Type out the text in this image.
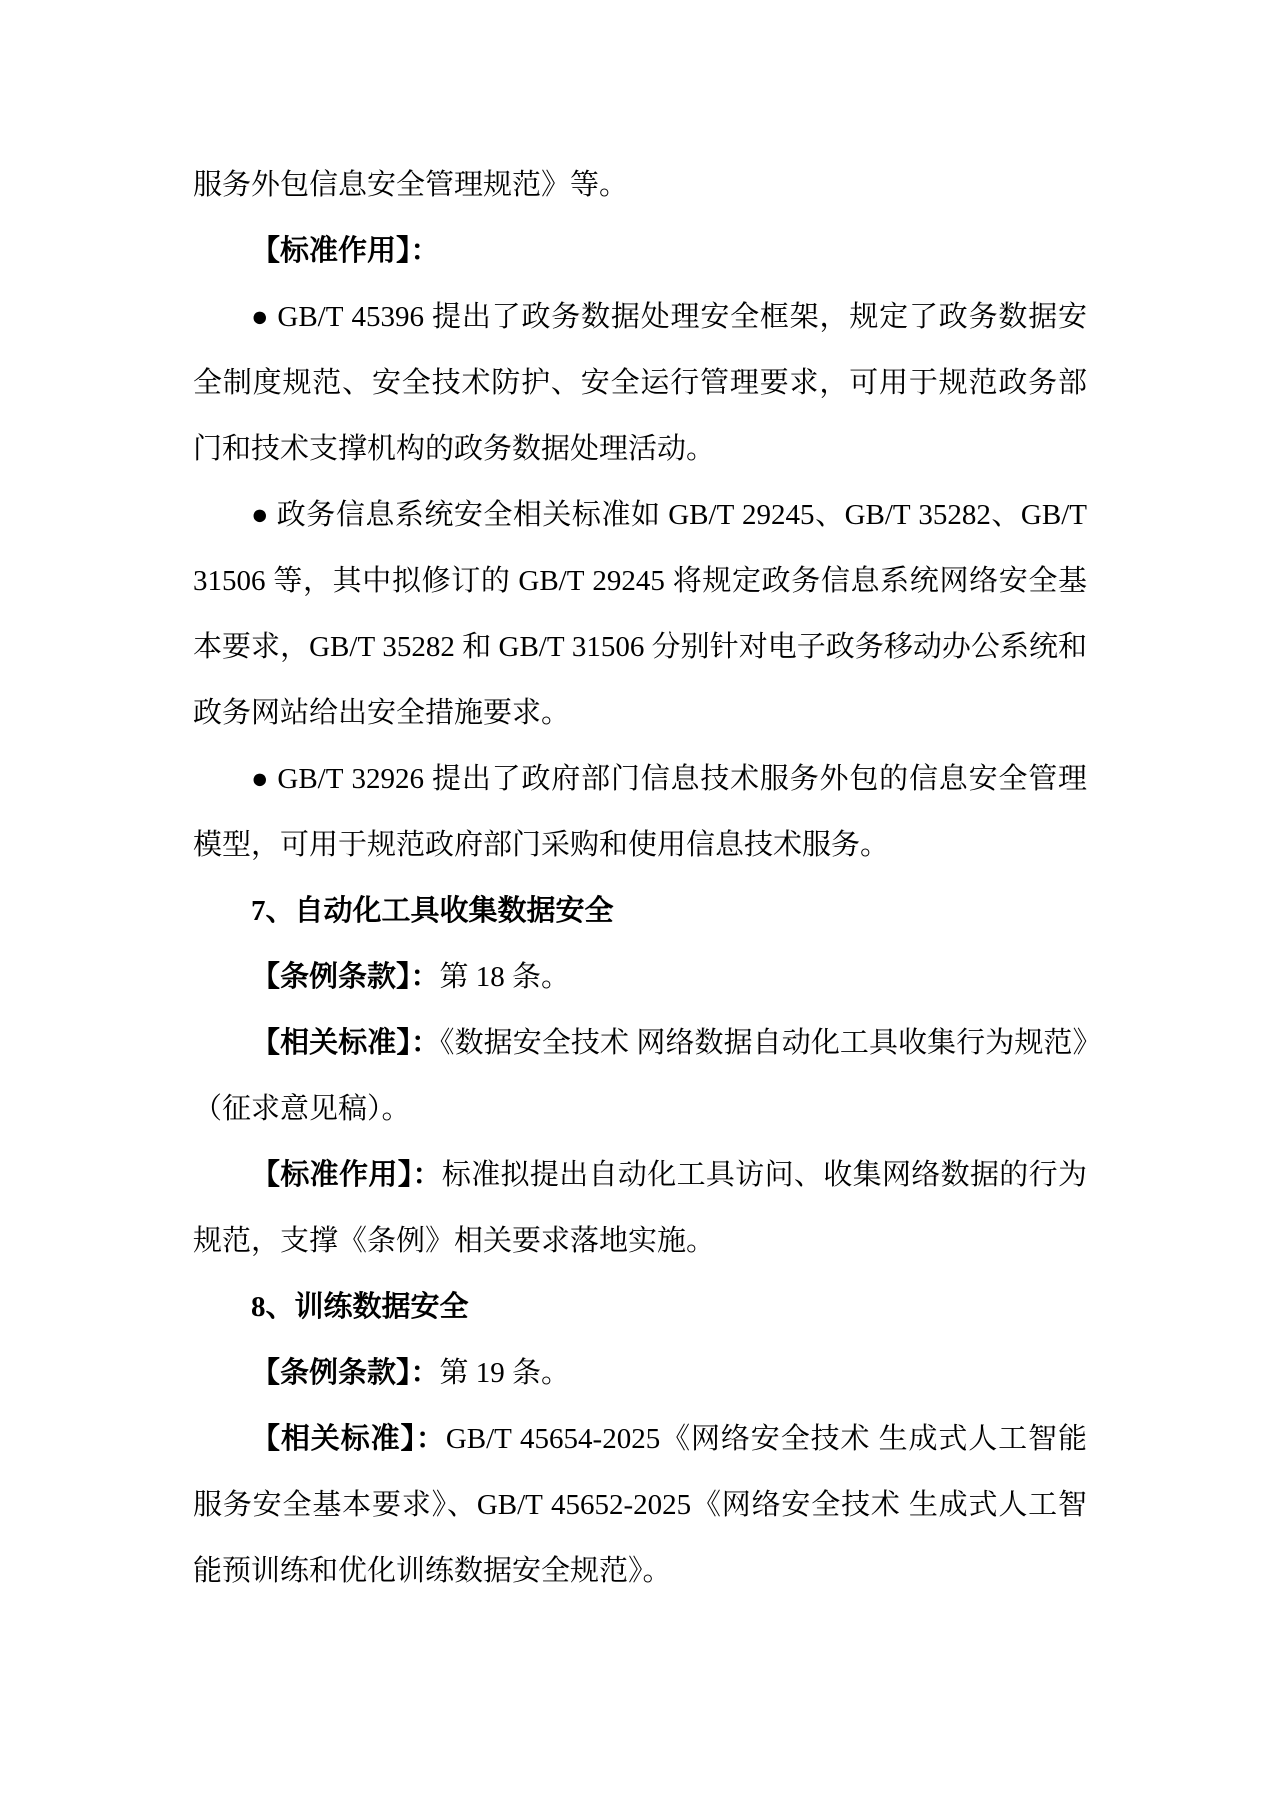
服务外包信息安全管理规范》等。

【标准作用】：

● GB/T 45396 提出了政务数据处理安全框架，规定了政务数据安全制度规范、安全技术防护、安全运行管理要求，可用于规范政务部门和技术支撑机构的政务数据处理活动。

● 政务信息系统安全相关标准如 GB/T 29245、GB/T 35282、GB/T 31506 等，其中拟修订的 GB/T 29245 将规定政务信息系统网络安全基本要求，GB/T 35282 和 GB/T 31506 分别针对电子政务移动办公系统和政务网站给出安全措施要求。

● GB/T 32926 提出了政府部门信息技术服务外包的信息安全管理模型，可用于规范政府部门采购和使用信息技术服务。

7、自动化工具收集数据安全

【条例条款】：第 18 条。

【相关标准】：《数据安全技术 网络数据自动化工具收集行为规范》（征求意见稿）。

【标准作用】：标准拟提出自动化工具访问、收集网络数据的行为规范，支撑《条例》相关要求落地实施。

8、训练数据安全

【条例条款】：第 19 条。

【相关标准】：GB/T 45654-2025《网络安全技术 生成式人工智能服务安全基本要求》、GB/T 45652-2025《网络安全技术 生成式人工智能预训练和优化训练数据安全规范》。
